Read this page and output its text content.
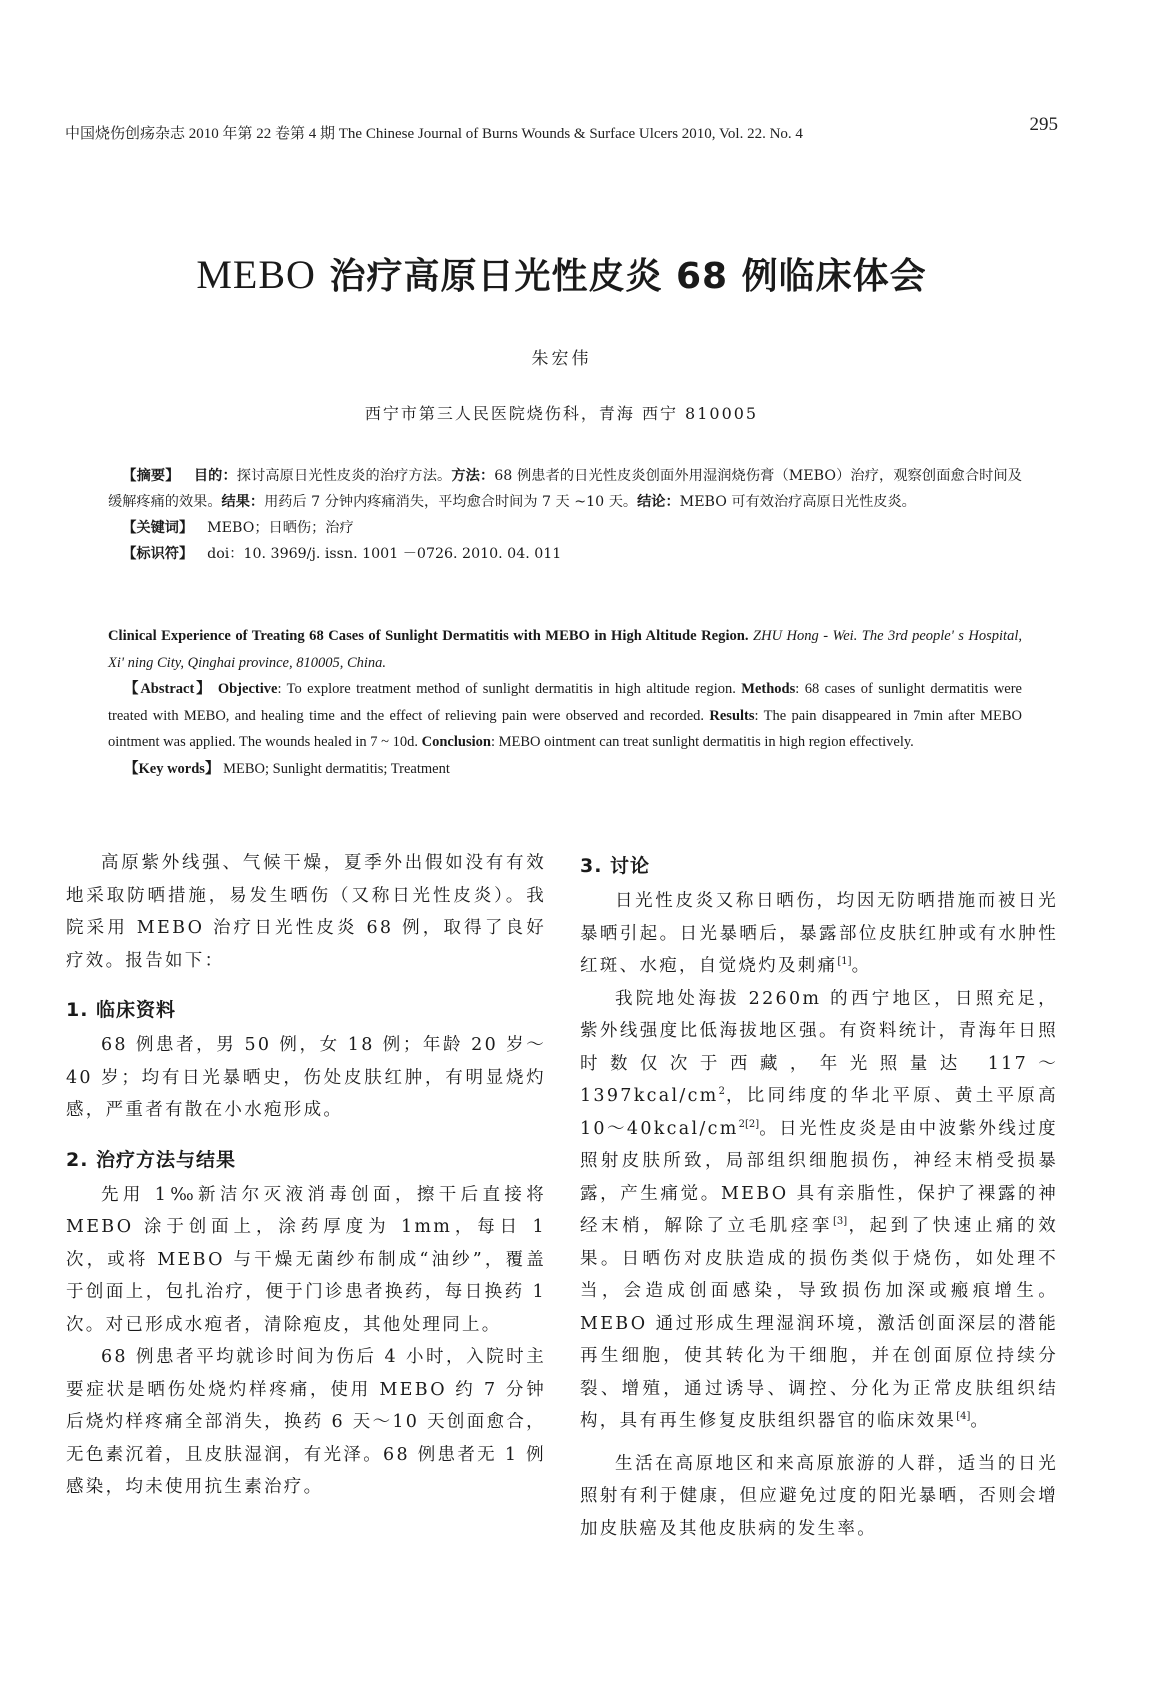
中国烧伤创疡杂志 2010 年第 22 卷第 4 期 The Chinese Journal of Burns Wounds & Surface Ulcers 2010, Vol. 22. No. 4	295
MEBO 治疗高原日光性皮炎 68 例临床体会
朱宏伟
西宁市第三人民医院烧伤科，青海 西宁 810005

 【摘要】  目的：探讨高原日光性皮炎的治疗方法。方法：68 例患者的日光性皮炎创面外用湿润烧伤膏（MEBO）治疗，观察创面愈合时间及缓解疼痛的效果。结果：用药后 7 分钟内疼痛消失，平均愈合时间为 7 天 ~10 天。结论：MEBO 可有效治疗高原日光性皮炎。

 【关键词】 MEBO；日晒伤；治疗

 【标识符】 doi：10. 3969/j. issn. 1001 －0726. 2010. 04. 011

Clinical Experience of Treating 68 Cases of Sunlight Dermatitis with MEBO in High Altitude Region. ZHU Hong - Wei. The 3rd people' s Hospital, Xi' ning City, Qinghai province, 810005, China.

【Abstract】 Objective: To explore treatment method of sunlight dermatitis in high altitude region. Methods: 68 cases of sunlight dermatitis were treated with MEBO, and healing time and the effect of relieving pain were observed and recorded. Results: The pain disappeared in 7min after MEBO ointment was applied. The wounds healed in 7 ~ 10d. Conclusion: MEBO ointment can treat sunlight dermatitis in high region effectively.

【Key words】 MEBO; Sunlight dermatitis; Treatment

高原紫外线强、气候干燥，夏季外出假如没有有效地采取防晒措施，易发生晒伤（又称日光性皮炎）。我院采用 MEBO 治疗日光性皮炎 68 例，取得了良好疗效。报告如下：

1. 临床资料

68 例患者，男 50 例，女 18 例；年龄 20 岁～40 岁；均有日光暴晒史，伤处皮肤红肿，有明显烧灼感，严重者有散在小水疱形成。

2. 治疗方法与结果

先用 1‰新洁尔灭液消毒创面，擦干后直接将 MEBO 涂于创面上，涂药厚度为 1mm，每日 1 次，或将 MEBO 与干燥无菌纱布制成“油纱”，覆盖于创面上，包扎治疗，便于门诊患者换药，每日换药 1 次。对已形成水疱者，清除疱皮，其他处理同上。

68 例患者平均就诊时间为伤后 4 小时，入院时主要症状是晒伤处烧灼样疼痛，使用 MEBO 约 7 分钟后烧灼样疼痛全部消失，换药 6 天～10 天创面愈合，无色素沉着，且皮肤湿润，有光泽。68 例患者无 1 例感染，均未使用抗生素治疗。

3. 讨论

日光性皮炎又称日晒伤，均因无防晒措施而被日光暴晒引起。日光暴晒后，暴露部位皮肤红肿或有水肿性红斑、水疱，自觉烧灼及刺痛[1]。

我院地处海拔 2260m 的西宁地区，日照充足，紫外线强度比低海拔地区强。有资料统计，青海年日照时数仅次于西藏，年光照量达 $117\sim 1397kcal/cm^2$，比同纬度的华北平原、黄土平原高 $10\sim 40kcal/cm^{2[2]}$。日光性皮炎是由中波紫外线过度照射皮肤所致，局部组织细胞损伤，神经末梢受损暴露，产生痛觉。MEBO 具有亲脂性，保护了裸露的神经末梢，解除了立毛肌痉挛[3]，起到了快速止痛的效果。日晒伤对皮肤造成的损伤类似于烧伤，如处理不当，会造成创面感染，导致损伤加深或瘢痕增生。MEBO 通过形成生理湿润环境，激活创面深层的潜能再生细胞，使其转化为干细胞，并在创面原位持续分裂、增殖，通过诱导、调控、分化为正常皮肤组织结构，具有再生修复皮肤组织器官的临床效果[4]。

生活在高原地区和来高原旅游的人群，适当的日光照射有利于健康，但应避免过度的阳光暴晒，否则会增加皮肤癌及其他皮肤病的发生率。
